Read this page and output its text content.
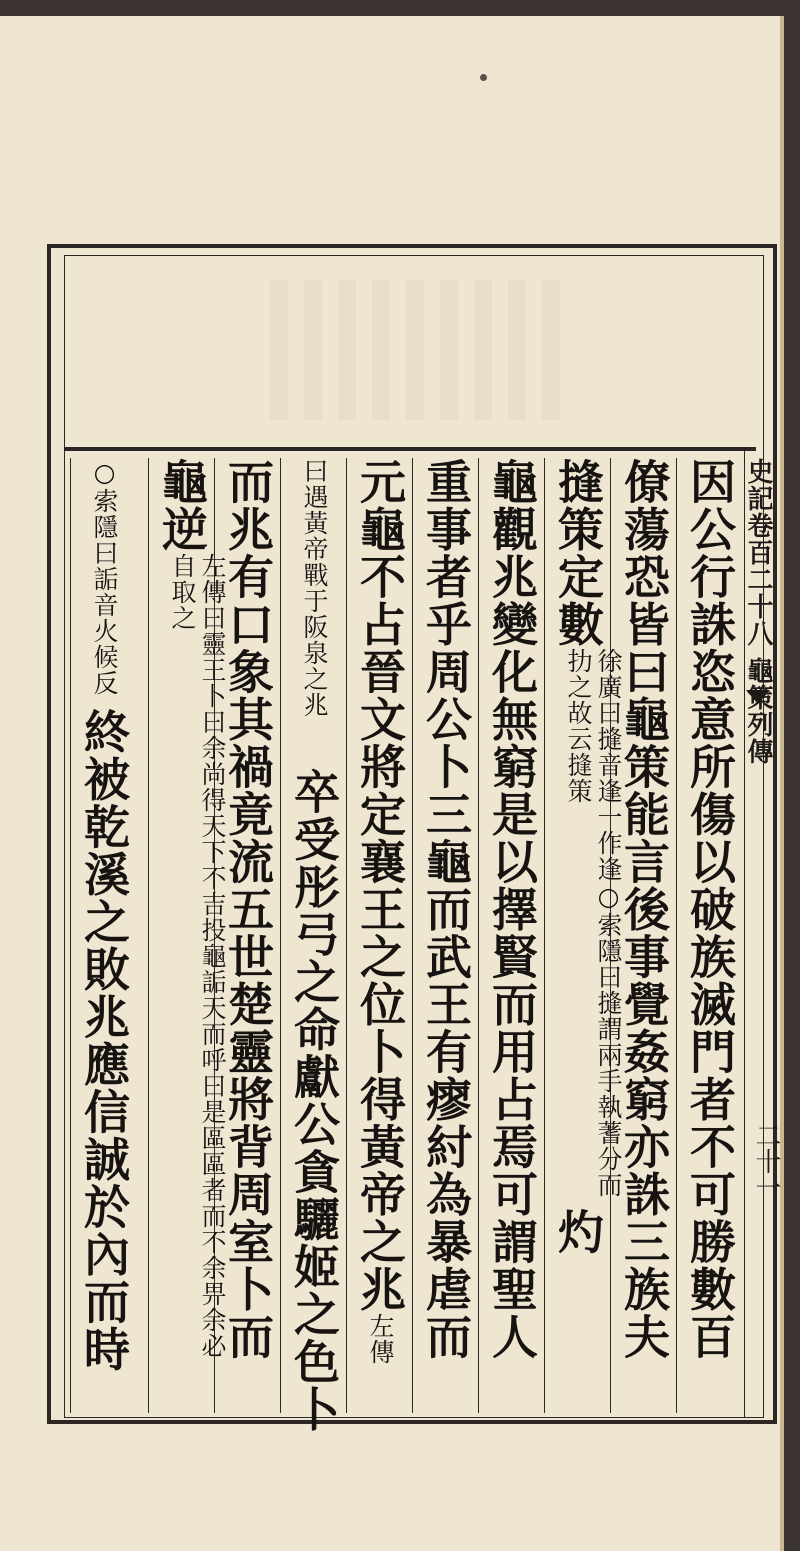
史記卷百二十八 龜策列傳
二十一
因公行誅恣意所傷以破族滅門者不可勝數百
僚蕩恐皆曰龜策能言後事覺姦窮亦誅三族夫
摓策定數徐廣曰摓音逢一作逢○索隱曰摓謂兩手執蓍分而扐之故云摓策灼
龜觀兆變化無窮是以擇賢而用占焉可謂聖人
重事者乎周公卜三龜而武王有瘳紂為暴虐而
元龜不占晉文將定襄王之位卜得黃帝之兆左傳
曰遇黃帝戰于阪泉之兆卒受彤弓之命獻公貪驪姬之色卜
而兆有口象其禍竟流五世楚靈將背周室卜而
龜逆左傳曰靈王卜曰余尚得天下不吉投龜詬天而呼曰是區區者而不余畀余必自取之
○索隱曰詬音火候反終被乾溪之敗兆應信誠於內而時
